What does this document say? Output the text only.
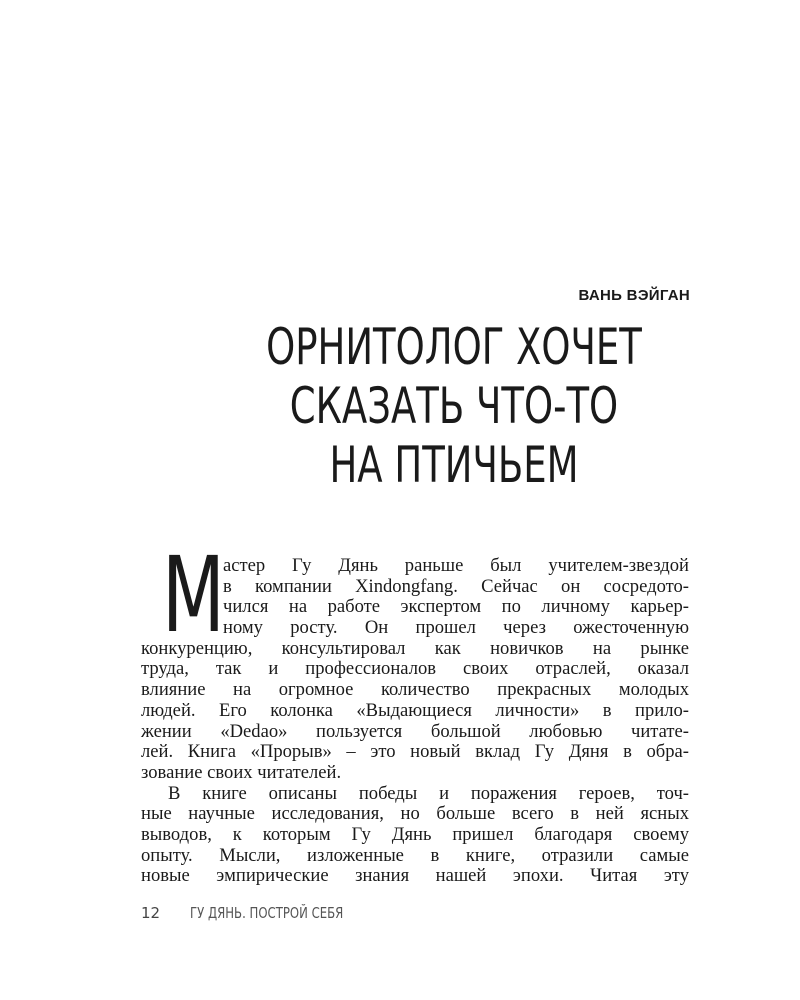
ВАНЬ ВЭЙГАН
ОРНИТОЛОГ ХОЧЕТ
СКАЗАТЬ ЧТО-ТО
НА ПТИЧЬЕМ
М
астер Гу Дянь раньше был учителем-звездой
в компании Xindongfang. Сейчас он сосредото-
чился на работе экспертом по личному карьер-
ному росту. Он прошел через ожесточенную
конкуренцию, консультировал как новичков на рынке
труда, так и профессионалов своих отраслей, оказал
влияние на огромное количество прекрасных молодых
людей. Его колонка «Выдающиеся личности» в прило-
жении «Dedao» пользуется большой любовью читате-
лей. Книга «Прорыв» – это новый вклад Гу Дяня в обра-
зование своих читателей.
В книге описаны победы и поражения героев, точ-
ные научные исследования, но больше всего в ней ясных
выводов, к которым Гу Дянь пришел благодаря своему
опыту. Мысли, изложенные в книге, отразили самые
новые эмпирические знания нашей эпохи. Читая эту
12 ГУ ДЯНЬ. ПОСТРОЙ СЕБЯ
